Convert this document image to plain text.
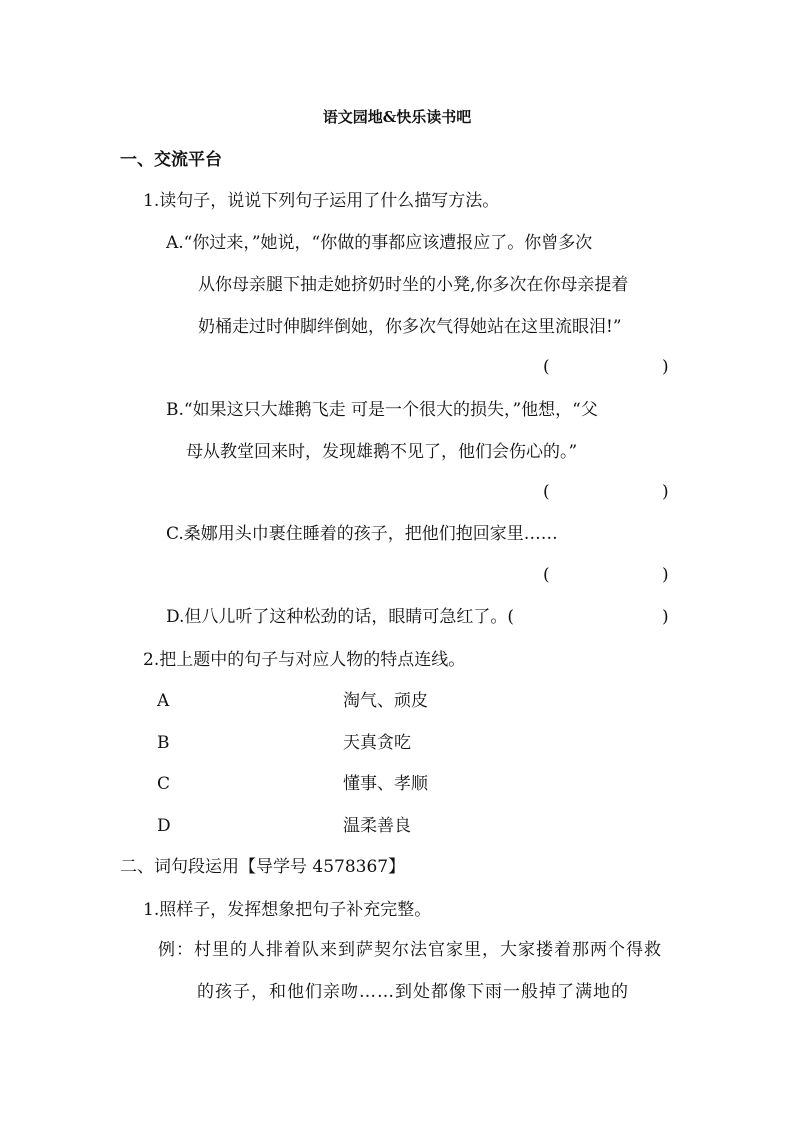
语文园地&快乐读书吧
一、交流平台
1.读句子，说说下列句子运用了什么描写方法。
A.“你过来，”她说，“你做的事都应该遭报应了。你曾多次
从你母亲腿下抽走她挤奶时坐的小凳,你多次在你母亲提着
奶桶走过时伸脚绊倒她，你多次气得她站在这里流眼泪!”
(	)
B.“如果这只大雄鹅飞走 可是一个很大的损失，”他想，“父
母从教堂回来时，发现雄鹅不见了，他们会伤心的。”
(	)
C.桑娜用头巾裹住睡着的孩子，把他们抱回家里……
(	)
D.但八儿听了这种松劲的话，眼睛可急红了。(	)
2.把上题中的句子与对应人物的特点连线。
A	淘气、顽皮
B	天真贪吃
C	懂事、孝顺
D	温柔善良
二、词句段运用【导学号 4578367】
1.照样子，发挥想象把句子补充完整。
例：村里的人排着队来到萨契尔法官家里，大家搂着那两个得救
的孩子，和他们亲吻……到处都像下雨一般掉了满地的
